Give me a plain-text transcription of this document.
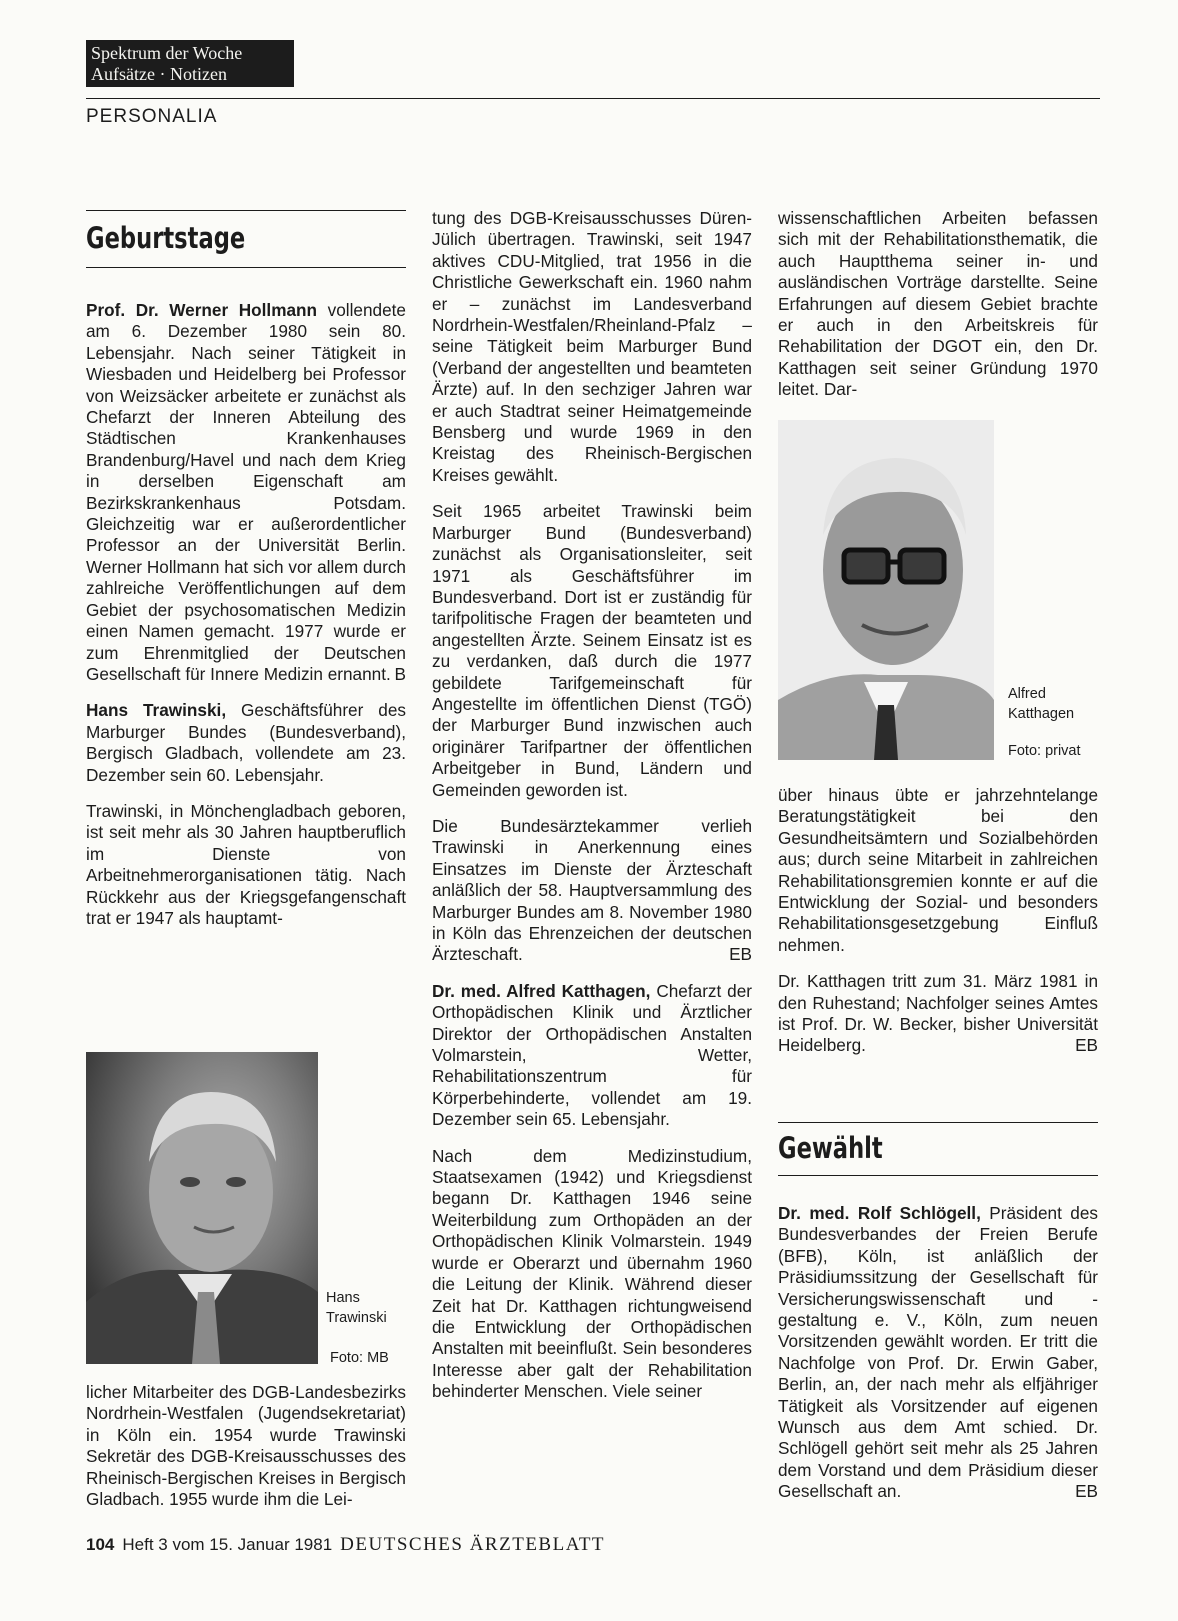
Spektrum der Woche
Aufsätze · Notizen
PERSONALIA
Geburtstage

Prof. Dr. Werner Hollmann vollendete am 6. Dezember 1980 sein 80. Lebensjahr. Nach seiner Tätigkeit in Wiesbaden und Heidelberg bei Professor von Weizsäcker arbeitete er zunächst als Chefarzt der Inneren Abteilung des Städtischen Krankenhauses Brandenburg/Havel und nach dem Krieg in derselben Eigenschaft am Bezirkskrankenhaus Potsdam. Gleichzeitig war er außerordentlicher Professor an der Universität Berlin. Werner Hollmann hat sich vor allem durch zahlreiche Veröffentlichungen auf dem Gebiet der psychosomatischen Medizin einen Namen gemacht. 1977 wurde er zum Ehrenmitglied der Deutschen Gesellschaft für Innere Medizin ernannt. B

Hans Trawinski, Geschäftsführer des Marburger Bundes (Bundesverband), Bergisch Gladbach, vollendete am 23. Dezember sein 60. Lebensjahr.

Trawinski, in Mönchengladbach geboren, ist seit mehr als 30 Jahren hauptberuflich im Dienste von Arbeitnehmerorganisationen tätig. Nach Rückkehr aus der Kriegsgefangenschaft trat er 1947 als hauptamt-

Hans
Trawinski
Foto: MB

licher Mitarbeiter des DGB-Landesbezirks Nordrhein-Westfalen (Jugendsekretariat) in Köln ein. 1954 wurde Trawinski Sekretär des DGB-Kreisausschusses des Rheinisch-Bergischen Kreises in Bergisch Gladbach. 1955 wurde ihm die Lei-

tung des DGB-Kreisausschusses Düren-Jülich übertragen. Trawinski, seit 1947 aktives CDU-Mitglied, trat 1956 in die Christliche Gewerkschaft ein. 1960 nahm er – zunächst im Landesverband Nordrhein-Westfalen/Rheinland-Pfalz – seine Tätigkeit beim Marburger Bund (Verband der angestellten und beamteten Ärzte) auf. In den sechziger Jahren war er auch Stadtrat seiner Heimatgemeinde Bensberg und wurde 1969 in den Kreistag des Rheinisch-Bergischen Kreises gewählt.

Seit 1965 arbeitet Trawinski beim Marburger Bund (Bundesverband) zunächst als Organisationsleiter, seit 1971 als Geschäftsführer im Bundesverband. Dort ist er zuständig für tarifpolitische Fragen der beamteten und angestellten Ärzte. Seinem Einsatz ist es zu verdanken, daß durch die 1977 gebildete Tarifgemeinschaft für Angestellte im öffentlichen Dienst (TGÖ) der Marburger Bund inzwischen auch originärer Tarifpartner der öffentlichen Arbeitgeber in Bund, Ländern und Gemeinden geworden ist.

Die Bundesärztekammer verlieh Trawinski in Anerkennung eines Einsatzes im Dienste der Ärzteschaft anläßlich der 58. Hauptversammlung des Marburger Bundes am 8. November 1980 in Köln das Ehrenzeichen der deutschen Ärzteschaft.	EB

Dr. med. Alfred Katthagen, Chefarzt der Orthopädischen Klinik und Ärztlicher Direktor der Orthopädischen Anstalten Volmarstein, Wetter, Rehabilitationszentrum für Körperbehinderte, vollendet am 19. Dezember sein 65. Lebensjahr.

Nach dem Medizinstudium, Staatsexamen (1942) und Kriegsdienst begann Dr. Katthagen 1946 seine Weiterbildung zum Orthopäden an der Orthopädischen Klinik Volmarstein. 1949 wurde er Oberarzt und übernahm 1960 die Leitung der Klinik. Während dieser Zeit hat Dr. Katthagen richtungweisend die Entwicklung der Orthopädischen Anstalten mit beeinflußt. Sein besonderes Interesse aber galt der Rehabilitation behinderter Menschen. Viele seiner

wissenschaftlichen Arbeiten befassen sich mit der Rehabilitationsthematik, die auch Hauptthema seiner in- und ausländischen Vorträge darstellte. Seine Erfahrungen auf diesem Gebiet brachte er auch in den Arbeitskreis für Rehabilitation der DGOT ein, den Dr. Katthagen seit seiner Gründung 1970 leitet. Dar-

Alfred
Katthagen
Foto: privat

über hinaus übte er jahrzehntelange Beratungstätigkeit bei den Gesundheitsämtern und Sozialbehörden aus; durch seine Mitarbeit in zahlreichen Rehabilitationsgremien konnte er auf die Entwicklung der Sozial- und besonders Rehabilitationsgesetzgebung Einfluß nehmen.

Dr. Katthagen tritt zum 31. März 1981 in den Ruhestand; Nachfolger seines Amtes ist Prof. Dr. W. Becker, bisher Universität Heidelberg.	EB

Gewählt

Dr. med. Rolf Schlögell, Präsident des Bundesverbandes der Freien Berufe (BFB), Köln, ist anläßlich der Präsidiumssitzung der Gesellschaft für Versicherungswissenschaft und -gestaltung e. V., Köln, zum neuen Vorsitzenden gewählt worden. Er tritt die Nachfolge von Prof. Dr. Erwin Gaber, Berlin, an, der nach mehr als elfjähriger Tätigkeit als Vorsitzender auf eigenen Wunsch aus dem Amt schied. Dr. Schlögell gehört seit mehr als 25 Jahren dem Vorstand und dem Präsidium dieser Gesellschaft an.	EB

104 Heft 3 vom 15. Januar 1981 DEUTSCHES ÄRZTEBLATT
